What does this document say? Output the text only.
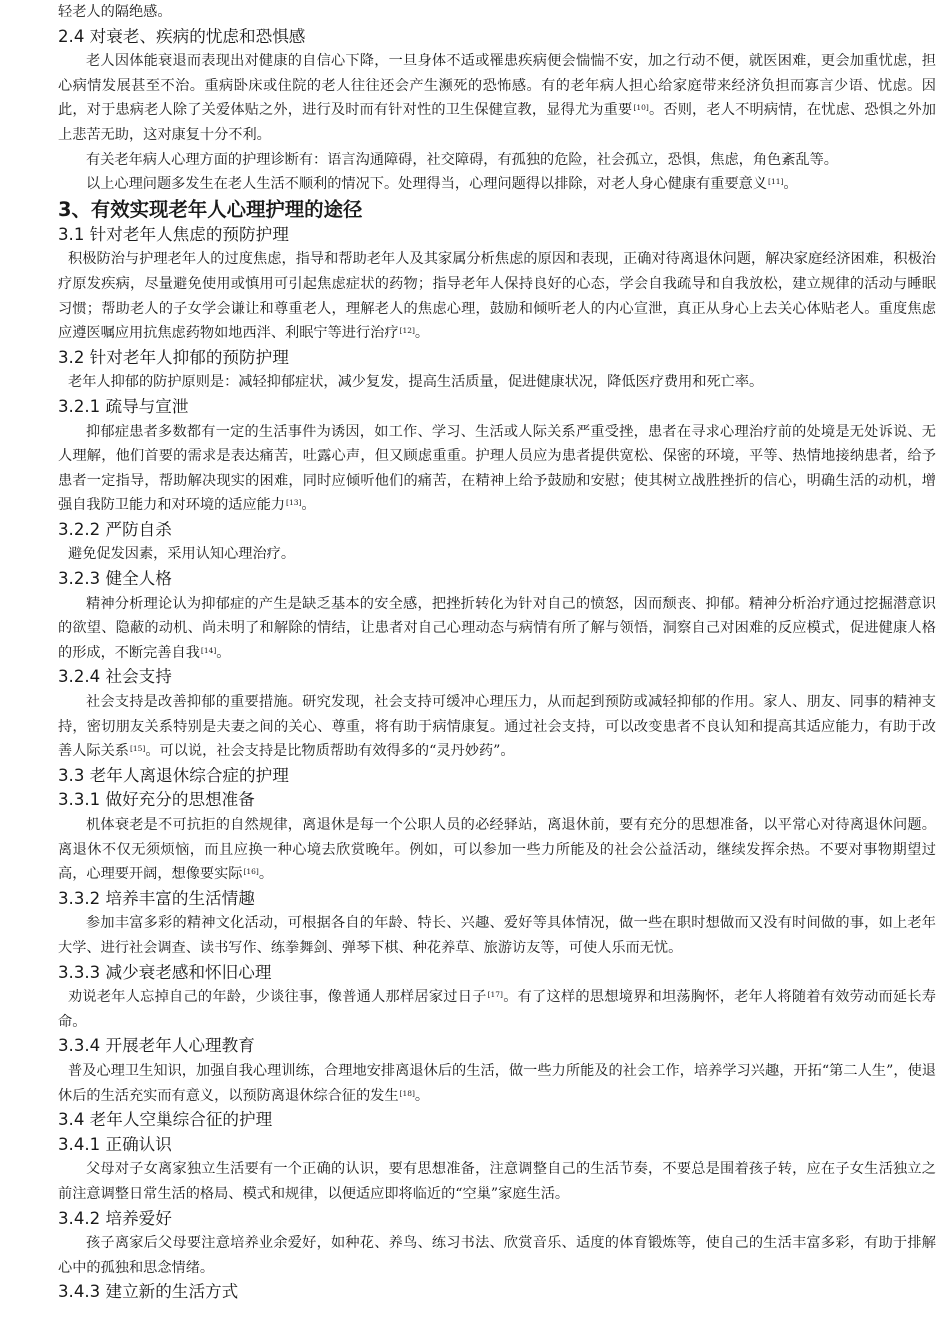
轻老人的隔绝感。

2.4 对衰老、疾病的忧虑和恐惧感

老人因体能衰退而表现出对健康的自信心下降，一旦身体不适或罹患疾病便会惴惴不安，加之行动不便，就医困难，更会加重忧虑，担心病情发展甚至不治。重病卧床或住院的老人往往还会产生濒死的恐怖感。有的老年病人担心给家庭带来经济负担而寡言少语、忧虑。因此，对于患病老人除了关爱体贴之外，进行及时而有针对性的卫生保健宣教，显得尤为重要[10]。否则，老人不明病情，在忧虑、恐惧之外加上悲苦无助，这对康复十分不利。

有关老年病人心理方面的护理诊断有：语言沟通障碍，社交障碍，有孤独的危险，社会孤立，恐惧，焦虑，角色紊乱等。

以上心理问题多发生在老人生活不顺利的情况下。处理得当，心理问题得以排除，对老人身心健康有重要意义[11]。

3、有效实现老年人心理护理的途径
3.1 针对老年人焦虑的预防护理

积极防治与护理老年人的过度焦虑，指导和帮助老年人及其家属分析焦虑的原因和表现，正确对待离退休问题，解决家庭经济困难，积极治疗原发疾病，尽量避免使用或慎用可引起焦虑症状的药物；指导老年人保持良好的心态，学会自我疏导和自我放松，建立规律的活动与睡眠习惯；帮助老人的子女学会谦让和尊重老人，理解老人的焦虑心理，鼓励和倾听老人的内心宣泄，真正从身心上去关心体贴老人。重度焦虑应遵医嘱应用抗焦虑药物如地西泮、利眠宁等进行治疗[12]。

3.2 针对老年人抑郁的预防护理

老年人抑郁的防护原则是：减轻抑郁症状，减少复发，提高生活质量，促进健康状况，降低医疗费用和死亡率。

3.2.1 疏导与宣泄

抑郁症患者多数都有一定的生活事件为诱因，如工作、学习、生活或人际关系严重受挫，患者在寻求心理治疗前的处境是无处诉说、无人理解，他们首要的需求是表达痛苦，吐露心声，但又顾虑重重。护理人员应为患者提供宽松、保密的环境，平等、热情地接纳患者，给予患者一定指导，帮助解决现实的困难，同时应倾听他们的痛苦，在精神上给予鼓励和安慰；使其树立战胜挫折的信心，明确生活的动机，增强自我防卫能力和对环境的适应能力[13]。

3.2.2 严防自杀

避免促发因素，采用认知心理治疗。

3.2.3 健全人格

精神分析理论认为抑郁症的产生是缺乏基本的安全感，把挫折转化为针对自己的愤怒，因而颓丧、抑郁。精神分析治疗通过挖掘潜意识的欲望、隐蔽的动机、尚未明了和解除的情结，让患者对自己心理动态与病情有所了解与领悟，洞察自己对困难的反应模式，促进健康人格的形成，不断完善自我[14]。

3.2.4 社会支持

社会支持是改善抑郁的重要措施。研究发现，社会支持可缓冲心理压力，从而起到预防或减轻抑郁的作用。家人、朋友、同事的精神支持，密切朋友关系特别是夫妻之间的关心、尊重，将有助于病情康复。通过社会支持，可以改变患者不良认知和提高其适应能力，有助于改善人际关系[15]。可以说，社会支持是比物质帮助有效得多的“灵丹妙药”。

3.3 老年人离退休综合症的护理
3.3.1 做好充分的思想准备

机体衰老是不可抗拒的自然规律，离退休是每一个公职人员的必经驿站，离退休前，要有充分的思想准备，以平常心对待离退休问题。离退休不仅无须烦恼，而且应换一种心境去欣赏晚年。例如，可以参加一些力所能及的社会公益活动，继续发挥余热。不要对事物期望过高，心理要开阔，想像要实际[16]。

3.3.2 培养丰富的生活情趣

参加丰富多彩的精神文化活动，可根据各自的年龄、特长、兴趣、爱好等具体情况，做一些在职时想做而又没有时间做的事，如上老年大学、进行社会调查、读书写作、练拳舞剑、弹琴下棋、种花养草、旅游访友等，可使人乐而无忧。

3.3.3 减少衰老感和怀旧心理

劝说老年人忘掉自己的年龄，少谈往事，像普通人那样居家过日子[17]。有了这样的思想境界和坦荡胸怀，老年人将随着有效劳动而延长寿命。

3.3.4 开展老年人心理教育

普及心理卫生知识，加强自我心理训练，合理地安排离退休后的生活，做一些力所能及的社会工作，培养学习兴趣，开拓“第二人生”，使退休后的生活充实而有意义，以预防离退休综合征的发生[18]。

3.4 老年人空巢综合征的护理
3.4.1 正确认识

父母对子女离家独立生活要有一个正确的认识，要有思想准备，注意调整自己的生活节奏，不要总是围着孩子转，应在子女生活独立之前注意调整日常生活的格局、模式和规律，以便适应即将临近的“空巢”家庭生活。

3.4.2 培养爱好

孩子离家后父母要注意培养业余爱好，如种花、养鸟、练习书法、欣赏音乐、适度的体育锻炼等，使自己的生活丰富多彩，有助于排解心中的孤独和思念情绪。

3.4.3 建立新的生活方式
